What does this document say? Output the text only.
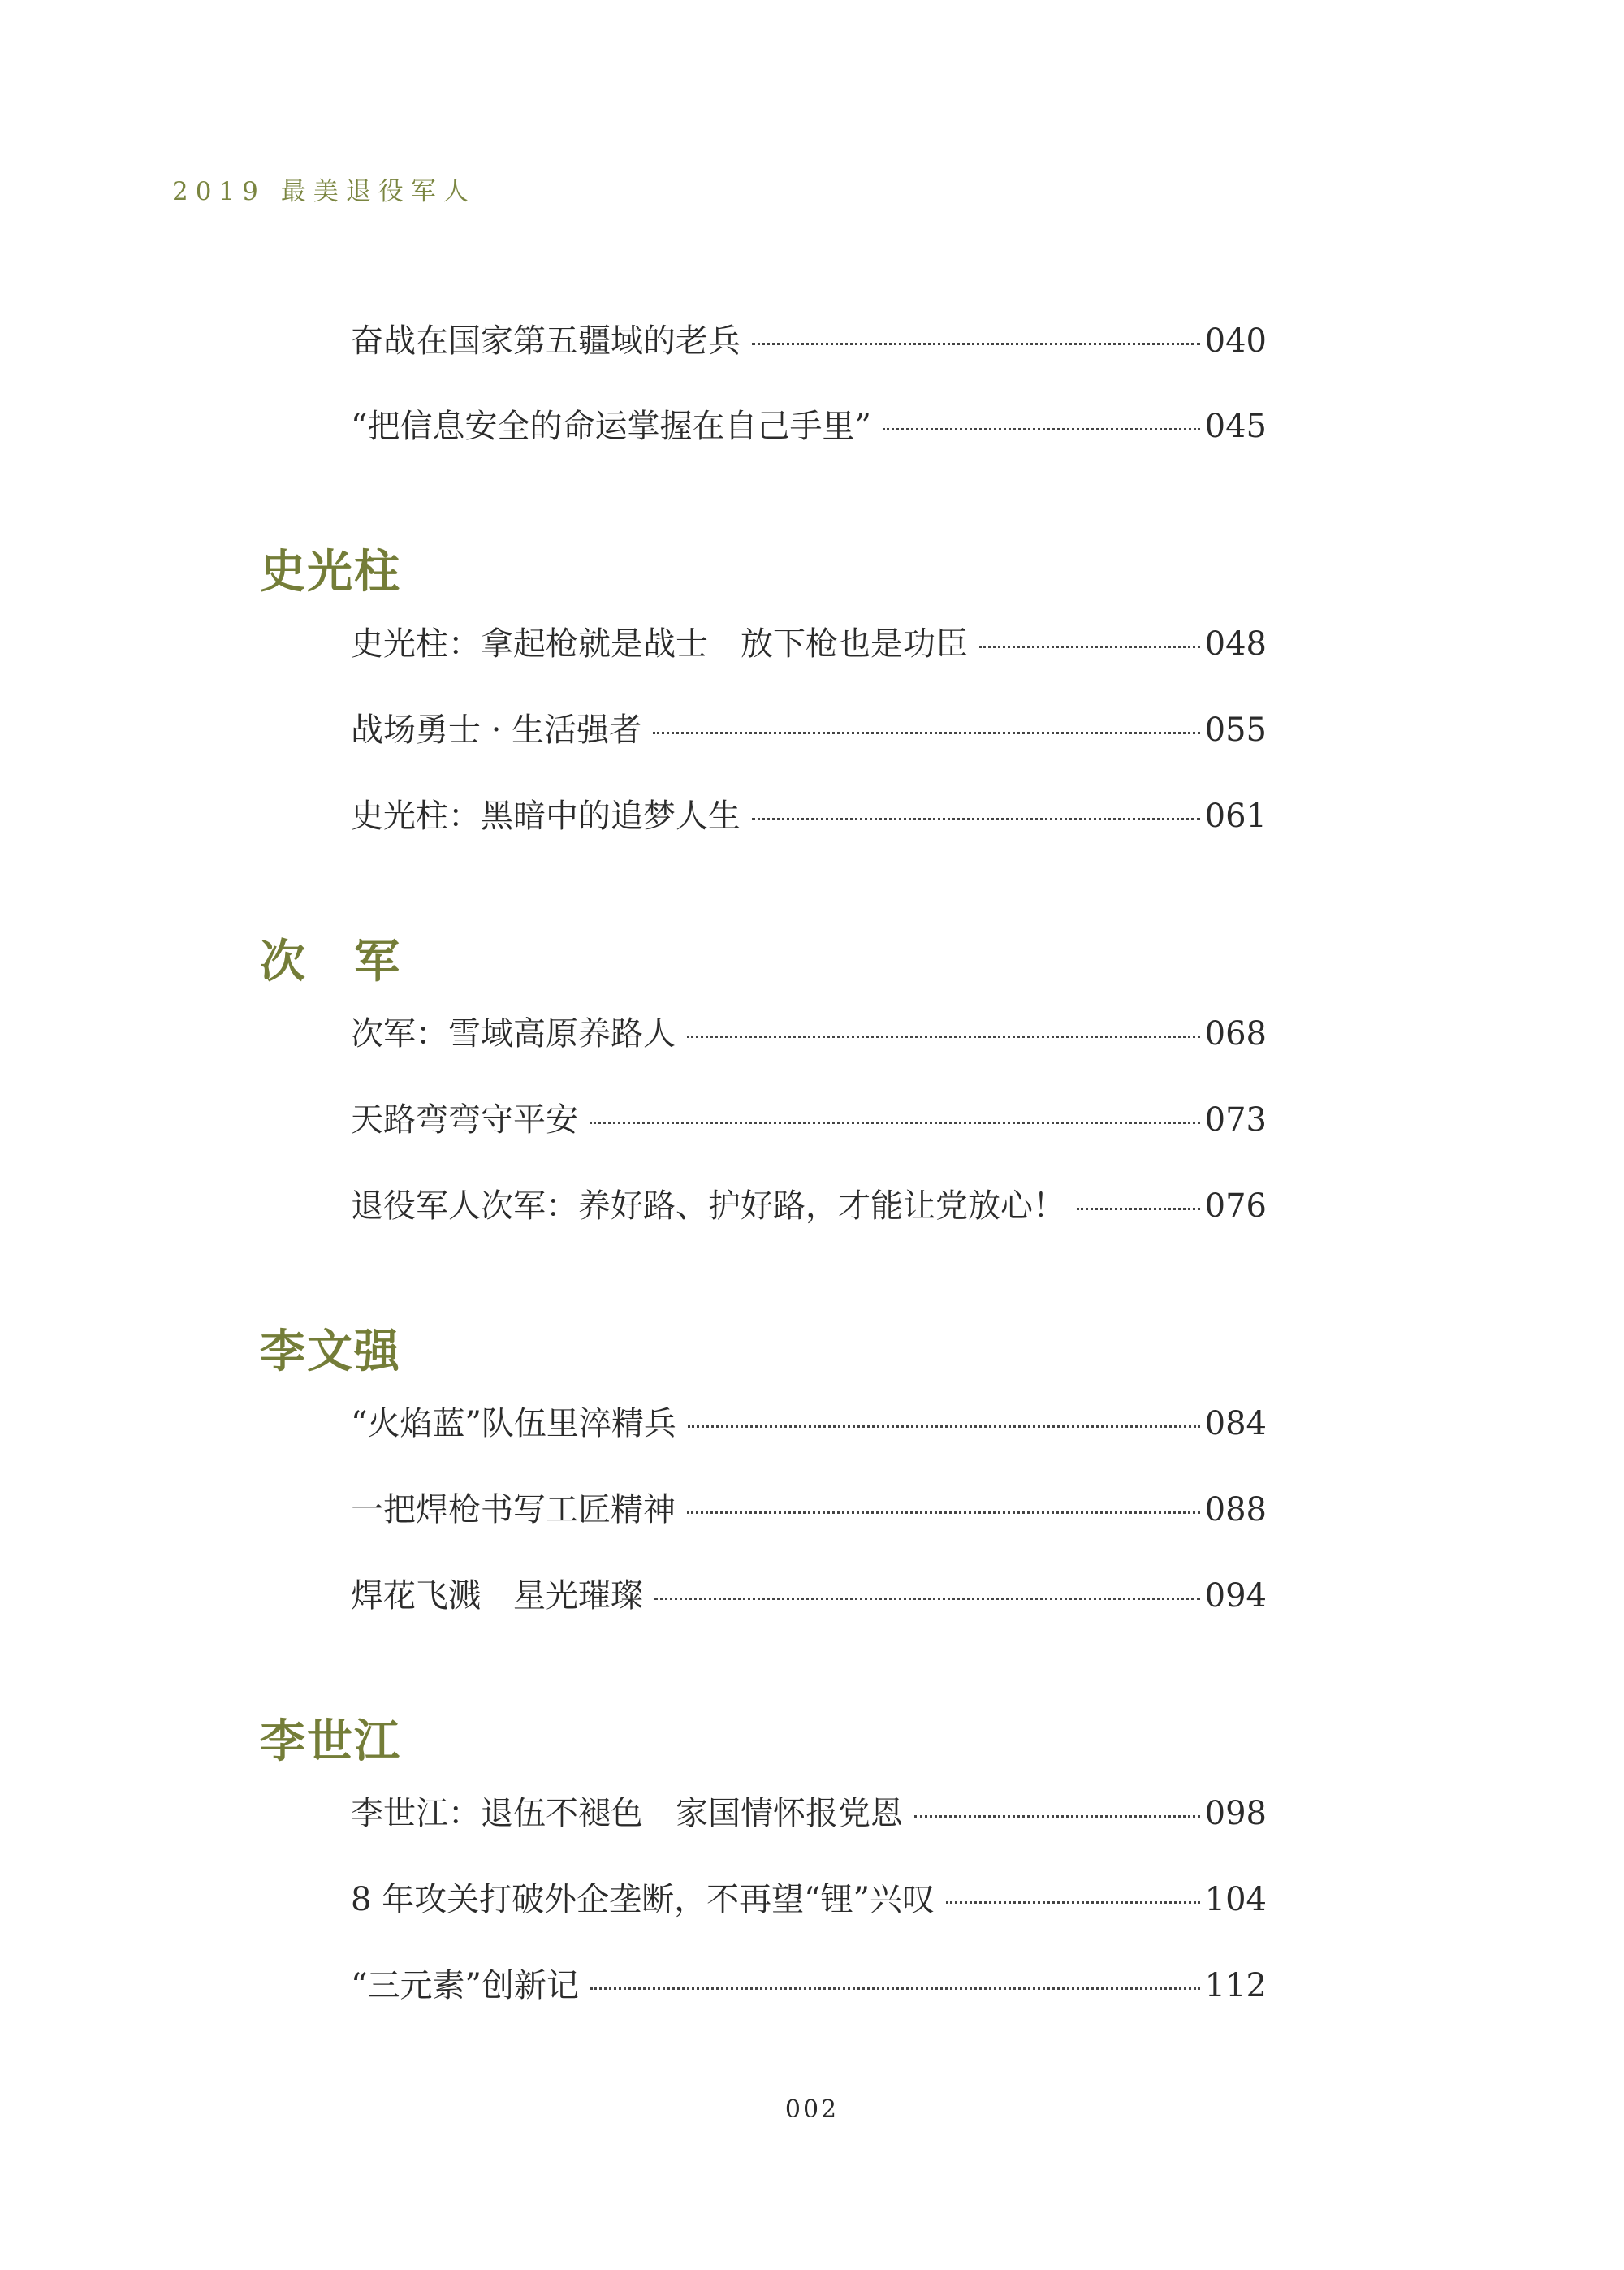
2019 最美退役军人
奋战在国家第五疆域的老兵	040
“把信息安全的命运掌握在自己手里”	045
史光柱
史光柱：拿起枪就是战士　放下枪也是功臣	048
战场勇士 · 生活强者	055
史光柱：黑暗中的追梦人生	061
次　军
次军：雪域高原养路人	068
天路弯弯守平安	073
退役军人次军：养好路、护好路，才能让党放心！	076
李文强
“火焰蓝”队伍里淬精兵	084
一把焊枪书写工匠精神	088
焊花飞溅　星光璀璨	094
李世江
李世江：退伍不褪色　家国情怀报党恩	098
8 年攻关打破外企垄断，不再望“锂”兴叹	104
“三元素”创新记	112
002
